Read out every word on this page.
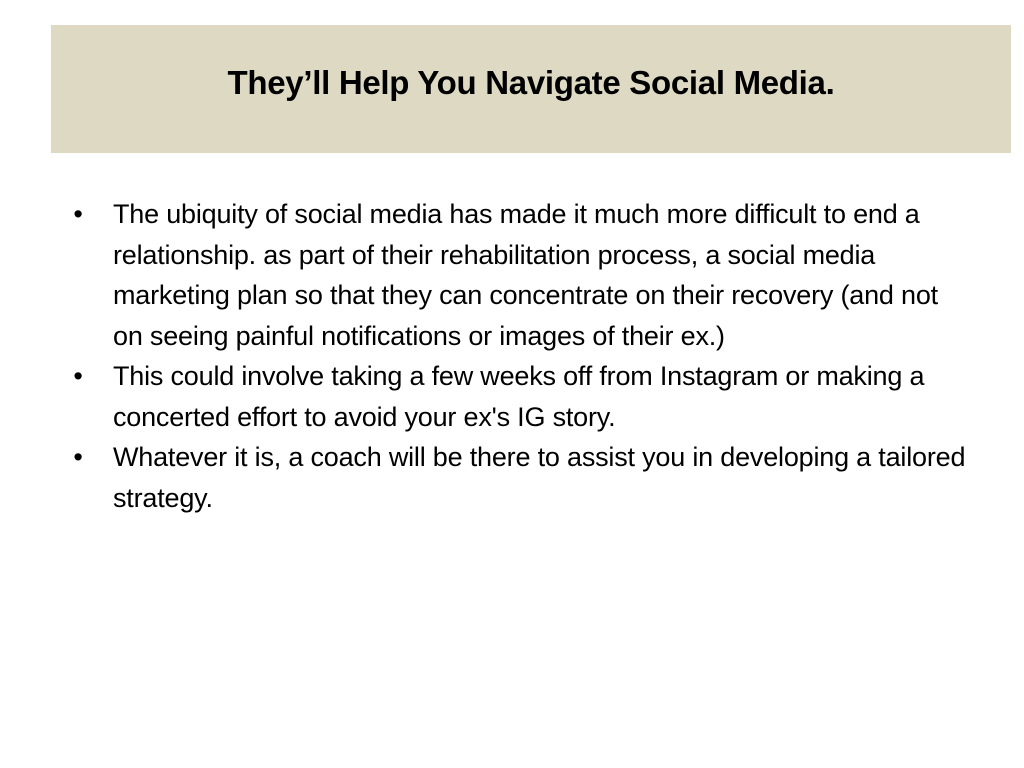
They’ll Help You Navigate Social Media.
• The ubiquity of social media has made it much more difficult to end a relationship. as part of their rehabilitation process, a social media marketing plan so that they can concentrate on their recovery (and not on seeing painful notifications or images of their ex.)
• This could involve taking a few weeks off from Instagram or making a concerted effort to avoid your ex's IG story.
• Whatever it is, a coach will be there to assist you in developing a tailored strategy.
